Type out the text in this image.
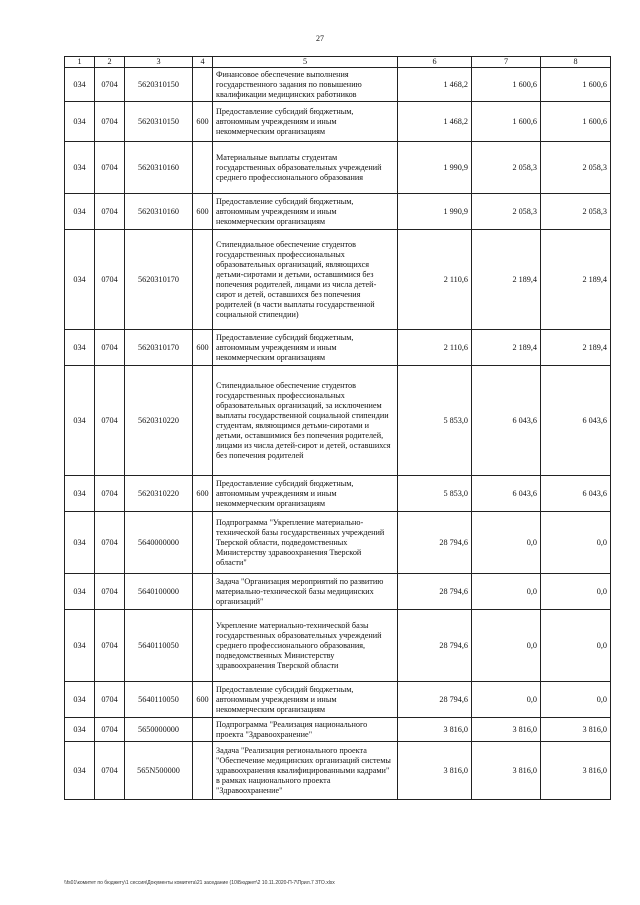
27
1	2	3	4	5	6	7	8
034	0704	5620310150		Финансовое обеспечение выполнения государственного задания по повышению квалификации медицинских работников	1 468,2	1 600,6	1 600,6
034	0704	5620310150	600	Предоставление субсидий бюджетным, автономным учреждениям и иным некоммерческим организациям	1 468,2	1 600,6	1 600,6
034	0704	5620310160		Материальные выплаты студентам государственных образовательных учреждений среднего профессионального образования	1 990,9	2 058,3	2 058,3
034	0704	5620310160	600	Предоставление субсидий бюджетным, автономным учреждениям и иным некоммерческим организациям	1 990,9	2 058,3	2 058,3
034	0704	5620310170		Стипендиальное обеспечение студентов государственных профессиональных образовательных организаций, являющихся детьми-сиротами и детьми, оставшимися без попечения родителей, лицами из числа детей-сирот и детей, оставшихся без попечения родителей (в части выплаты государственной социальной стипендии)	2 110,6	2 189,4	2 189,4
034	0704	5620310170	600	Предоставление субсидий бюджетным, автономным учреждениям и иным некоммерческим организациям	2 110,6	2 189,4	2 189,4
034	0704	5620310220		Стипендиальное обеспечение студентов государственных профессиональных образовательных организаций, за исключением выплаты государственной социальной стипендии студентам, являющимся детьми-сиротами и детьми, оставшимися без попечения родителей, лицами из числа детей-сирот и детей, оставшихся без попечения родителей	5 853,0	6 043,6	6 043,6
034	0704	5620310220	600	Предоставление субсидий бюджетным, автономным учреждениям и иным некоммерческим организациям	5 853,0	6 043,6	6 043,6
034	0704	5640000000		Подпрограмма "Укрепление материально-технической базы государственных учреждений Тверской области, подведомственных Министерству здравоохранения Тверской области"	28 794,6	0,0	0,0
034	0704	5640100000		Задача "Организация мероприятий по развитию материально-технической базы медицинских организаций"	28 794,6	0,0	0,0
034	0704	5640110050		Укрепление материально-технической базы государственных образовательных учреждений среднего профессионального образования, подведомственных Министерству здравоохранения Тверской области	28 794,6	0,0	0,0
034	0704	5640110050	600	Предоставление субсидий бюджетным, автономным учреждениям и иным некоммерческим организациям	28 794,6	0,0	0,0
034	0704	5650000000		Подпрограмма "Реализация национального проекта "Здравоохранение"	3 816,0	3 816,0	3 816,0
034	0704	565N500000		Задача "Реализация регионального проекта "Обеспечение медицинских организаций системы здравоохранения квалифицированными кадрами" в рамках национального проекта "Здравоохранение"	3 816,0	3 816,0	3 816,0
\\fs01\комитет по бюджету\1 сессия\Документы комитета\21 заседание (10\Бюджет\2 10.11.2020-П-7\Прил.7 ЗТО.xlsx
